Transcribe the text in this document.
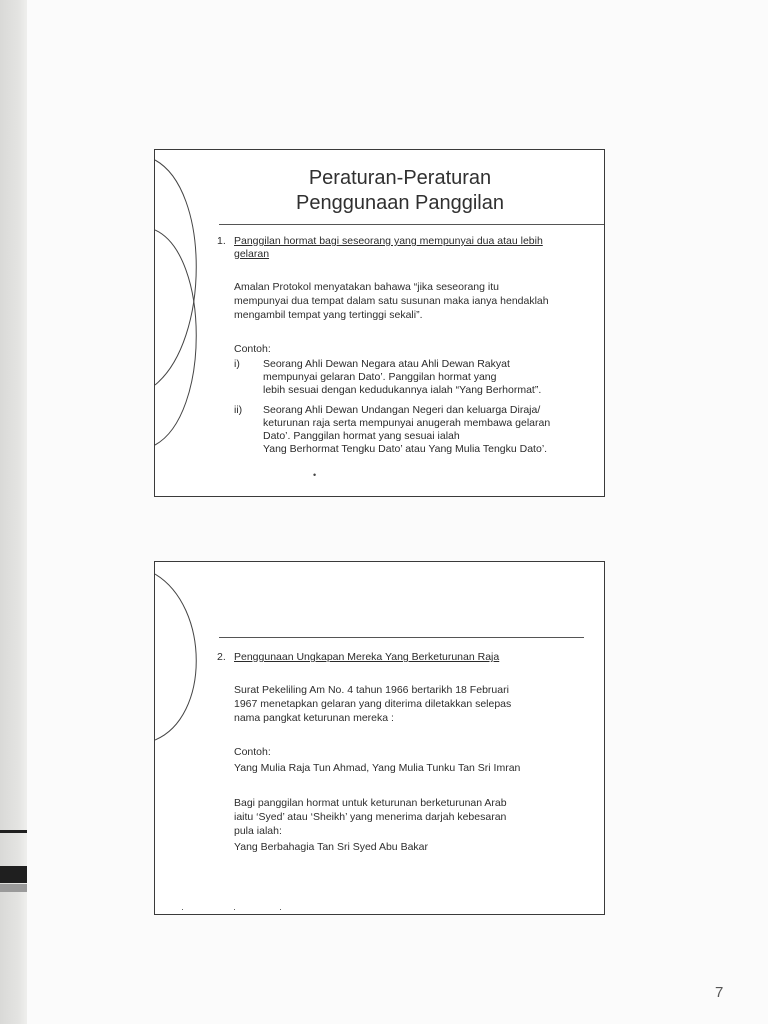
Peraturan-Peraturan
Penggunaan Panggilan
1. Panggilan hormat bagi seseorang yang mempunyai dua atau lebih
gelaran
Amalan Protokol menyatakan bahawa “jika seseorang itu
mempunyai dua tempat dalam satu susunan maka ianya hendaklah
mengambil tempat yang tertinggi sekali”.
Contoh:
i) Seorang Ahli Dewan Negara atau Ahli Dewan Rakyat
mempunyai gelaran Dato’. Panggilan hormat yang
lebih sesuai dengan kedudukannya ialah “Yang Berhormat”.
ii) Seorang Ahli Dewan Undangan Negeri dan keluarga Diraja/
keturunan raja serta mempunyai anugerah membawa gelaran
Dato’. Panggilan hormat yang sesuai ialah
Yang Berhormat Tengku Dato’ atau Yang Mulia Tengku Dato’.
•
2. Penggunaan Ungkapan Mereka Yang Berketurunan Raja
Surat Pekeliling Am No. 4 tahun 1966 bertarikh 18 Februari
1967 menetapkan gelaran yang diterima diletakkan selepas
nama pangkat keturunan mereka :
Contoh:
Yang Mulia Raja Tun Ahmad, Yang Mulia Tunku Tan Sri Imran
Bagi panggilan hormat untuk keturunan berketurunan Arab
iaitu ‘Syed’ atau ‘Sheikh’ yang menerima darjah kebesaran
pula ialah:
Yang Berbahagia Tan Sri Syed Abu Bakar
·	·	·
7
